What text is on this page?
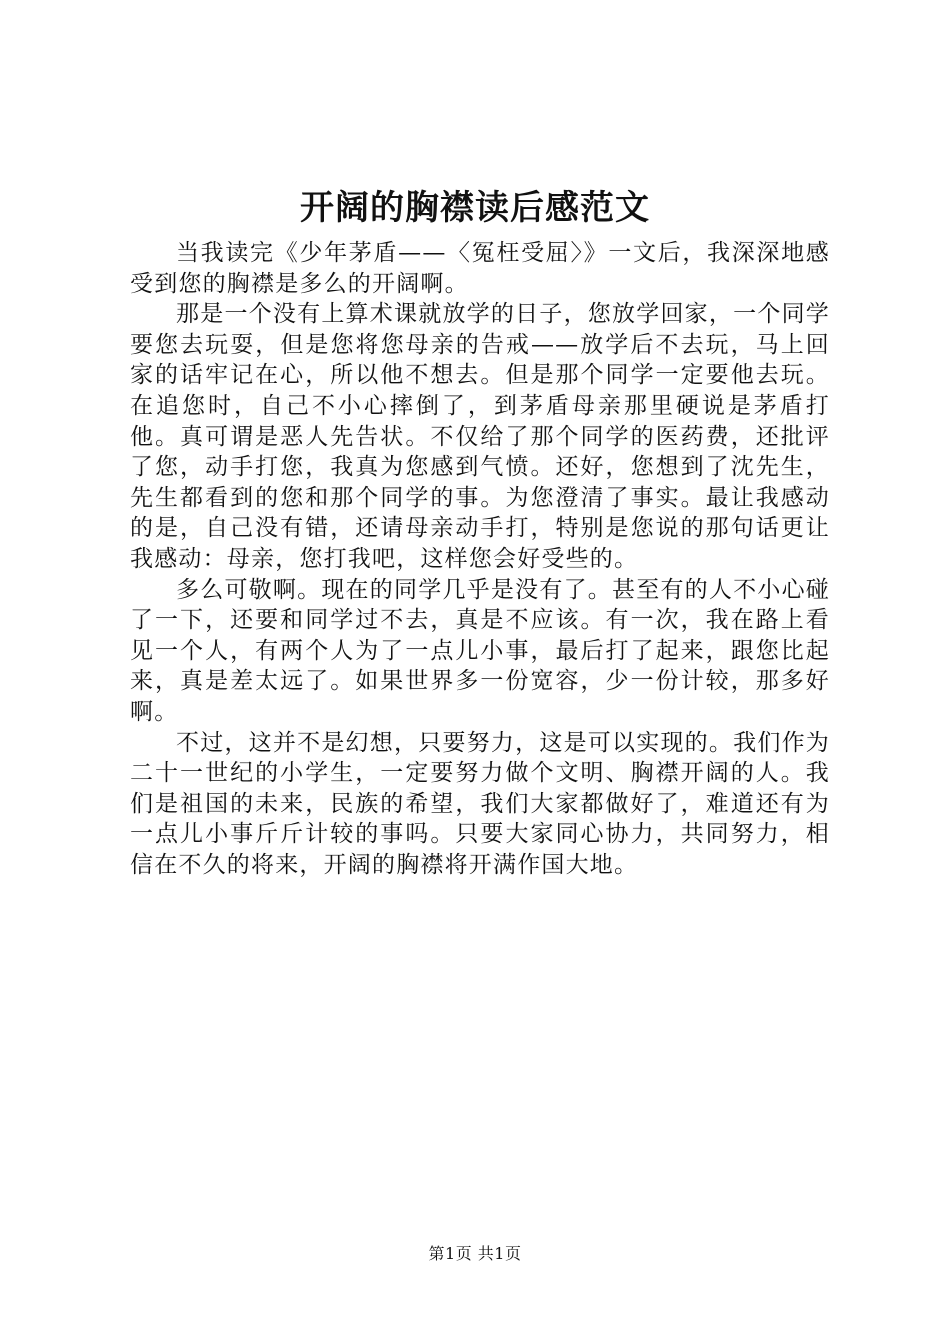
开阔的胸襟读后感范文

当我读完《少年茅盾——〈冤枉受屈〉》一文后，我深深地感受到您的胸襟是多么的开阔啊。

那是一个没有上算术课就放学的日子，您放学回家，一个同学要您去玩耍，但是您将您母亲的告戒——放学后不去玩，马上回家的话牢记在心，所以他不想去。但是那个同学一定要他去玩。在追您时，自己不小心摔倒了，到茅盾母亲那里硬说是茅盾打他。真可谓是恶人先告状。不仅给了那个同学的医药费，还批评了您，动手打您，我真为您感到气愤。还好，您想到了沈先生，先生都看到的您和那个同学的事。为您澄清了事实。最让我感动的是，自己没有错，还请母亲动手打，特别是您说的那句话更让我感动：母亲，您打我吧，这样您会好受些的。

多么可敬啊。现在的同学几乎是没有了。甚至有的人不小心碰了一下，还要和同学过不去，真是不应该。有一次，我在路上看见一个人，有两个人为了一点儿小事，最后打了起来，跟您比起来，真是差太远了。如果世界多一份宽容，少一份计较，那多好啊。

不过，这并不是幻想，只要努力，这是可以实现的。我们作为二十一世纪的小学生，一定要努力做个文明、胸襟开阔的人。我们是祖国的未来，民族的希望，我们大家都做好了，难道还有为一点儿小事斤斤计较的事吗。只要大家同心协力，共同努力，相信在不久的将来，开阔的胸襟将开满作国大地。

第1页 共1页
